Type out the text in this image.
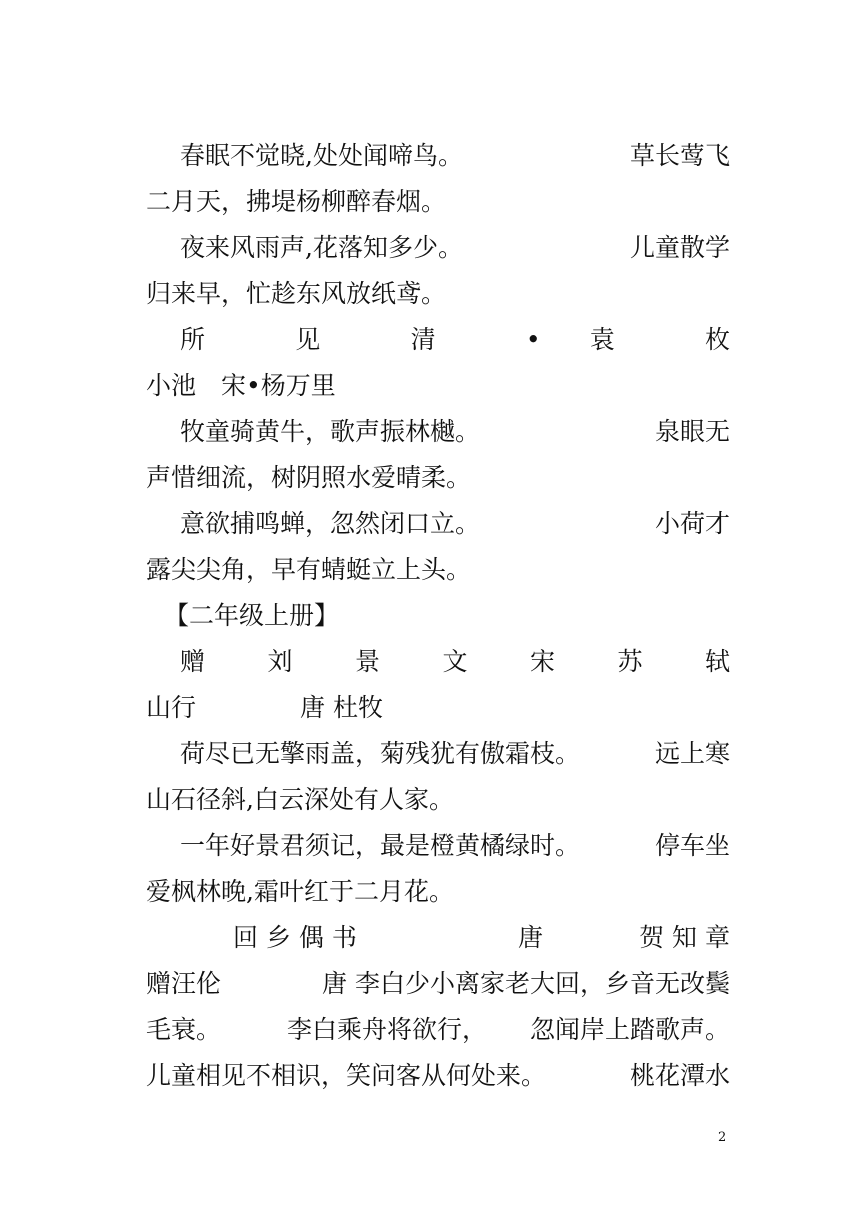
春眠不觉晓,处处闻啼鸟。	草长莺飞
二月天，拂堤杨柳醉春烟。
夜来风雨声,花落知多少。	儿童散学
归来早，忙趁东风放纸鸢。
所 见 清 • 袁 枚
小池　宋•杨万里
牧童骑黄牛，歌声振林樾。	泉眼无
声惜细流，树阴照水爱晴柔。
意欲捕鸣蝉，忽然闭口立。	小荷才
露尖尖角，早有蜻蜓立上头。
【二年级上册】
赠 刘 景 文 宋 苏 轼
山行	唐 杜牧
荷尽已无擎雨盖，菊残犹有傲霜枝。	远上寒
山石径斜,白云深处有人家。
一年好景君须记，最是橙黄橘绿时。	停车坐
爱枫林晚,霜叶红于二月花。
回 乡 偶 书	唐	贺 知 章
赠汪伦	唐 李白少小离家老大回，乡音无改鬓
毛衰。	李白乘舟将欲行， 忽闻岸上踏歌声。
儿童相见不相识，笑问客从何处来。	桃花潭水
2
